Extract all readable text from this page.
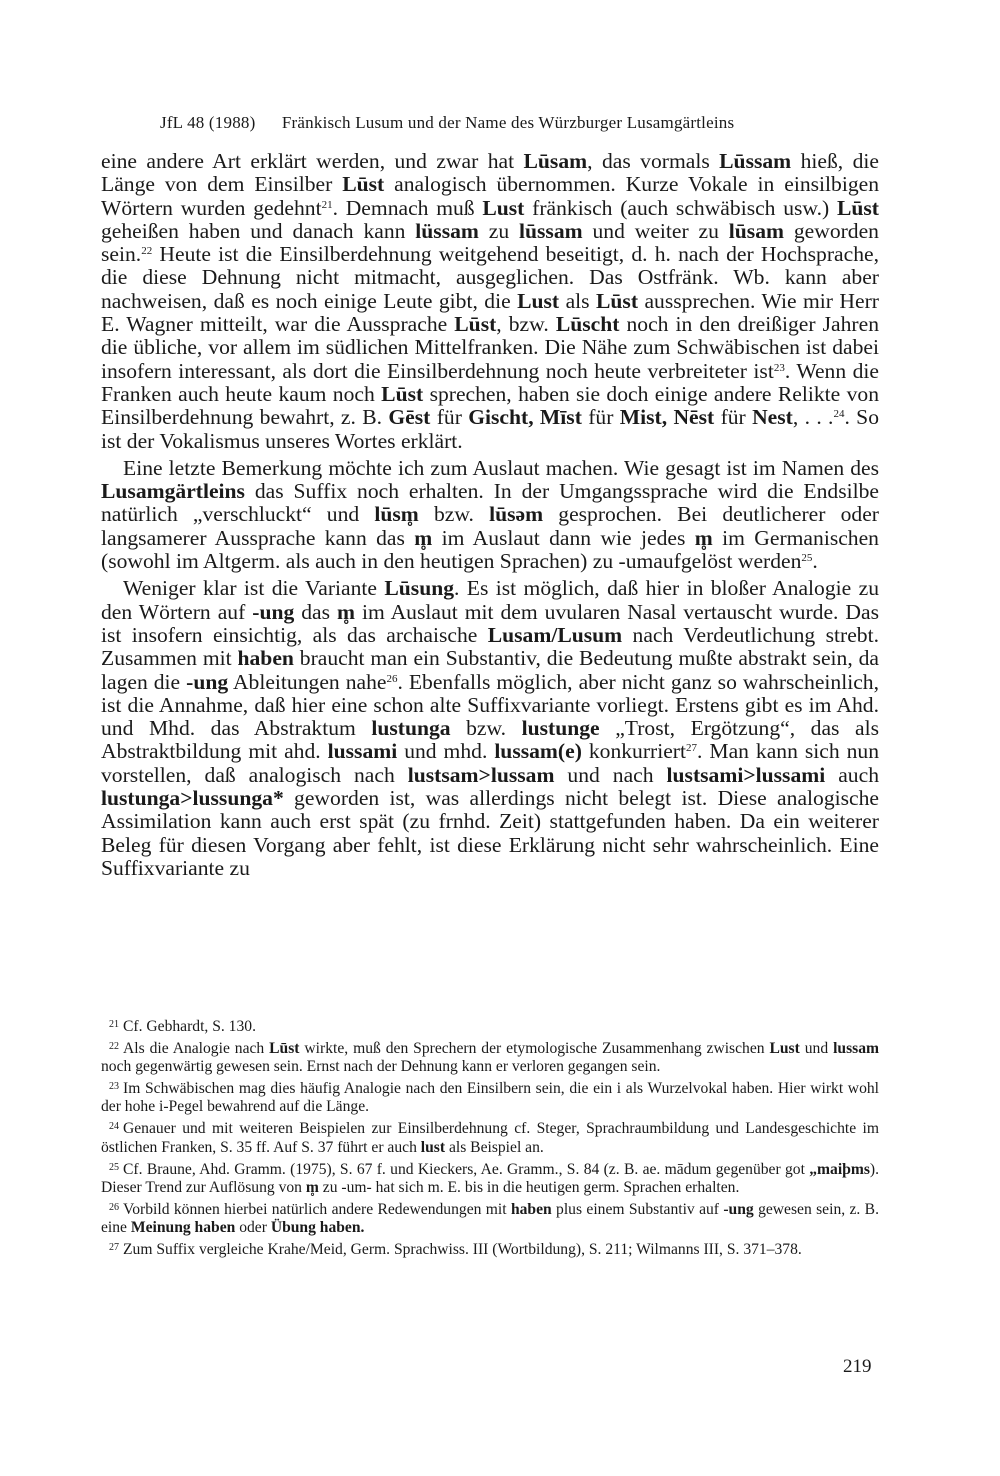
JfL 48 (1988) Fränkisch Lusum und der Name des Würzburger Lusamgärtleins

eine andere Art erklärt werden, und zwar hat Lūsam, das vormals Lūssam hieß, die Länge von dem Einsilber Lūst analogisch übernommen. Kurze Vokale in einsilbigen Wörtern wurden gedehnt$^{21}$. Demnach muß Lust fränkisch (auch schwäbisch usw.) Lūst geheißen haben und danach kann lüssam zu lūssam und weiter zu lūsam geworden sein.$^{22}$ Heute ist die Einsilberdehnung weitgehend beseitigt, d. h. nach der Hochsprache, die diese Dehnung nicht mitmacht, ausgeglichen. Das Ostfränk. Wb. kann aber nachweisen, daß es noch einige Leute gibt, die Lust als Lūst aussprechen. Wie mir Herr E. Wagner mitteilt, war die Aussprache Lūst, bzw. Lūscht noch in den dreißiger Jahren die übliche, vor allem im südlichen Mittelfranken. Die Nähe zum Schwäbischen ist dabei insofern interessant, als dort die Einsilberdehnung noch heute verbreiteter ist$^{23}$. Wenn die Franken auch heute kaum noch Lūst sprechen, haben sie doch einige andere Relikte von Einsilberdehnung bewahrt, z. B. Gēst für Gischt, Mīst für Mist, Nēst für Nest, . . .$^{24}$. So ist der Vokalismus unseres Wortes erklärt.

Eine letzte Bemerkung möchte ich zum Auslaut machen. Wie gesagt ist im Namen des Lusamgärtleins das Suffix noch erhalten. In der Umgangssprache wird die Endsilbe natürlich „verschluckt“ und lūsm̥ bzw. lūsəm gesprochen. Bei deutlicherer oder langsamerer Aussprache kann das m̥ im Auslaut dann wie jedes m̥ im Germanischen (sowohl im Altgerm. als auch in den heutigen Sprachen) zu -umaufgelöst werden$^{25}$.

Weniger klar ist die Variante Lūsung. Es ist möglich, daß hier in bloßer Analogie zu den Wörtern auf -ung das m̥ im Auslaut mit dem uvularen Nasal vertauscht wurde. Das ist insofern einsichtig, als das archaische Lusam/Lusum nach Verdeutlichung strebt. Zusammen mit haben braucht man ein Substantiv, die Bedeutung mußte abstrakt sein, da lagen die -ung Ableitungen nahe$^{26}$. Ebenfalls möglich, aber nicht ganz so wahrscheinlich, ist die Annahme, daß hier eine schon alte Suffixvariante vorliegt. Erstens gibt es im Ahd. und Mhd. das Abstraktum lustunga bzw. lustunge „Trost, Ergötzung“, das als Abstraktbildung mit ahd. lussami und mhd. lussam(e) konkurriert$^{27}$. Man kann sich nun vorstellen, daß analogisch nach lustsam>lussam und nach lustsami>lussami auch lustunga>lussunga* geworden ist, was allerdings nicht belegt ist. Diese analogische Assimilation kann auch erst spät (zu frnhd. Zeit) stattgefunden haben. Da ein weiterer Beleg für diesen Vorgang aber fehlt, ist diese Erklärung nicht sehr wahrscheinlich. Eine Suffixvariante zu

$^{21}$ Cf. Gebhardt, S. 130.
$^{22}$ Als die Analogie nach Lūst wirkte, muß den Sprechern der etymologische Zusammenhang zwischen Lust und lussam noch gegenwärtig gewesen sein. Ernst nach der Dehnung kann er verloren gegangen sein.
$^{23}$ Im Schwäbischen mag dies häufig Analogie nach den Einsilbern sein, die ein i als Wurzelvokal haben. Hier wirkt wohl der hohe i-Pegel bewahrend auf die Länge.
$^{24}$ Genauer und mit weiteren Beispielen zur Einsilberdehnung cf. Steger, Sprachraumbildung und Landesgeschichte im östlichen Franken, S. 35 ff. Auf S. 37 führt er auch lust als Beispiel an.
$^{25}$ Cf. Braune, Ahd. Gramm. (1975), S. 67 f. und Kieckers, Ae. Gramm., S. 84 (z. B. ae. mādum gegenüber got „maiþms). Dieser Trend zur Auflösung von m̥ zu -um- hat sich m. E. bis in die heutigen germ. Sprachen erhalten.
$^{26}$ Vorbild können hierbei natürlich andere Redewendungen mit haben plus einem Substantiv auf -ung gewesen sein, z. B. eine Meinung haben oder Übung haben.
$^{27}$ Zum Suffix vergleiche Krahe/Meid, Germ. Sprachwiss. III (Wortbildung), S. 211; Wilmanns III, S. 371–378.
219
